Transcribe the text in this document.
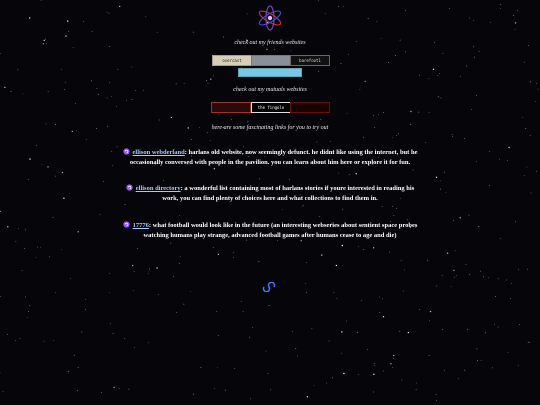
check out my friends websites
overcast	barefoot1
check out my mutuals websites
the fingolo
here are some fascinating links for you to try out
ellison webderland: harlans old website, now seemingly defunct. he didnt like using the internet, but he occasionally conversed with people in the pavilion. you can learn about him here or explore it for fun.
ellison directory: a wonderful list containing most of harlans stories if youre interested in reading his work, you can find plenty of choices here and what collections to find them in.
17776: what football would look like in the future (an interesting webseries about sentient space probes watching humans play strange, advanced football games after humans cease to age and die)
